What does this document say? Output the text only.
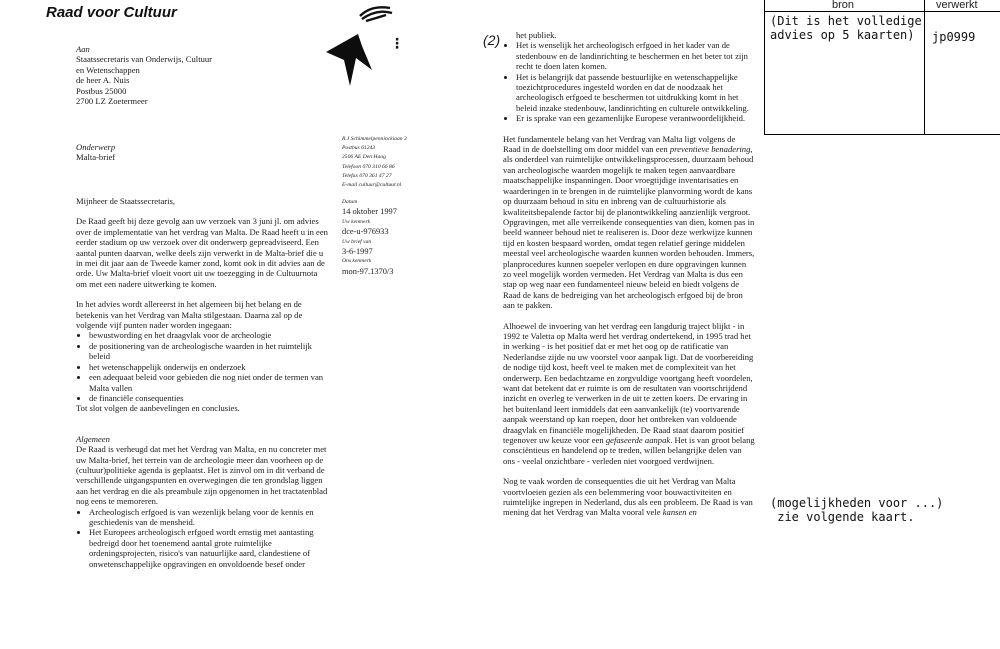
Raad voor Cultuur
⋮

Aan

Staatssecretaris van Onderwijs, Cultuur

en Wetenschappen

de heer A. Nuis

Postbus 25000

2700 LZ Zoetermeer

Onderwerp

Malta-brief

R.J Schimmelpenninckiaan 3
Postbus 61243
2506 AE Den Haag
Telefoon 070 310 66 86
Telefax 070 361 47 27
E-mail cultuur@cultuur.nl
Datum
14 oktober 1997
Uw kenmerk
dce-u-976933
Uw brief van
3-6-1997
Ons kenmerk
mon-97.1370/3

Mijnheer de Staatssecretaris,

De Raad geeft bij deze gevolg aan uw verzoek van 3 juni jl. om advies over de implementatie van het verdrag van Malta. De Raad heeft u in een eerder stadium op uw verzoek over dit onderwerp gepreadviseerd. Een aantal punten daarvan, welke deels zijn verwerkt in de Malta-brief die u in mei dit jaar aan de Tweede kamer zond, komt ook in dit advies aan de orde. Uw Malta-brief vloeit voort uit uw toezegging in de Cultuurnota om met een nadere uitwerking te komen.

In het advies wordt allereerst in het algemeen bij het belang en de betekenis van het Verdrag van Malta stilgestaan. Daarna zal op de volgende vijf punten nader worden ingegaan:

• bewustwording en het draagvlak voor de archeologie
• de positionering van de archeologische waarden in het ruimtelijk beleid
• het wetenschappelijk onderwijs en onderzoek
• een adequaat beleid voor gebieden die nog niet onder de termen van Malta vallen
• de financiële consequenties

Tot slot volgen de aanbevelingen en conclusies.

Algemeen

De Raad is verheugd dat met het Verdrag van Malta, en nu concreter met uw Malta-brief, het terrein van de archeologie meer dan voorheen op de (cultuur)politieke agenda is geplaatst. Het is zinvol om in dit verband de verschillende uitgangspunten en overwegingen die ten grondslag liggen aan het verdrag en die als preambule zijn opgenomen in het tractatenblad nog eens te memoreren.

• Archeologisch erfgoed is van wezenlijk belang voor de kennis en geschiedenis van de mensheid.
• Het Europees archeologisch erfgoed wordt ernstig met aantasting bedreigd door het toenemend aantal grote ruimtelijke ordeningsprojecten, risico's van natuurlijke aard, clandestiene of onwetenschappelijke opgravingen en onvoldoende besef onder
(2)	het publiek.

• Het is wenselijk het archeologisch erfgoed in het kader van de stedenbouw en de landinrichting te beschermen en het beter tot zijn recht te doen laten komen.
• Het is belangrijk dat passende bestuurlijke en wetenschappelijke toezichtprocedures ingesteld worden en dat de noodzaak het archeologisch erfgoed te beschermen tot uitdrukking komt in het beleid inzake stedenbouw, landinrichting en culturele ontwikkeling.
• Er is sprake van een gezamenlijke Europese verantwoordelijkheid.

Het fundamentele belang van het Verdrag van Malta ligt volgens de Raad in de doelstelling om door middel van een preventieve benadering, als onderdeel van ruimtelijke ontwikkelingsprocessen, duurzaam behoud van archeologische waarden mogelijk te maken tegen aanvaardbare maatschappelijke inspanningen. Door vroegtijdige inventarisaties en waarderingen in te brengen in de ruimtelijke planvorming wordt de kans op duurzaam behoud in situ en inbreng van de cultuurhistorie als kwaliteitsbepalende factor bij de planontwikkeling aanzienlijk vergroot. Opgravingen, met alle verreikende consequenties van dien, komen pas in beeld wanneer behoud niet te realiseren is. Door deze werkwijze kunnen tijd en kosten bespaard worden, omdat tegen relatief geringe middelen meestal veel archeologische waarden kunnen worden behouden. Immers, planprocedures kunnen soepeler verlopen en dure opgravingen kunnen zo veel mogelijk worden vermeden. Het Verdrag van Malta is dus een stap op weg naar een fundamenteel nieuw beleid en biedt volgens de Raad de kans de bedreiging van het archeologisch erfgoed bij de bron aan te pakken.

Alhoewel de invoering van het verdrag een langdurig traject blijkt - in 1992 te Valetta op Malta werd het verdrag ondertekend, in 1995 trad het in werking - is het positief dat er met het oog op de ratificatie van Nederlandse zijde nu uw voorstel voor aanpak ligt. Dat de voorbereiding de nodige tijd kost, heeft veel te maken met de complexiteit van het onderwerp. Een bedachtzame en zorgvuldige voortgang heeft voordelen, want dat betekent dat er ruimte is om de resultaten van voortschrijdend inzicht en overleg te verwerken in de uit te zetten koers. De ervaring in het buitenland leert inmiddels dat een aanvankelijk (te) voortvarende aanpak weerstand op kan roepen, door het ontbreken van voldoende draagvlak en financiële mogelijkheden. De Raad staat daarom positief tegenover uw keuze voor een gefaseerde aanpak. Het is van groot belang consciëntieus en handelend op te treden, willen belangrijke delen van ons - veelal onzichtbare - verleden niet voorgoed verdwijnen.

Nog te vaak worden de consequenties die uit het Verdrag van Malta voortvloeien gezien als een belemmering voor bouwactiviteiten en ruimtelijke ingrepen in Nederland, dus als een probleem. De Raad is van mening dat het Verdrag van Malta vooral vele kansen en

bron	verwerkt
(Dit is het volledige
advies op 5 kaarten)	jp0999
(mogelijkheden voor ...)
zie volgende kaart.
